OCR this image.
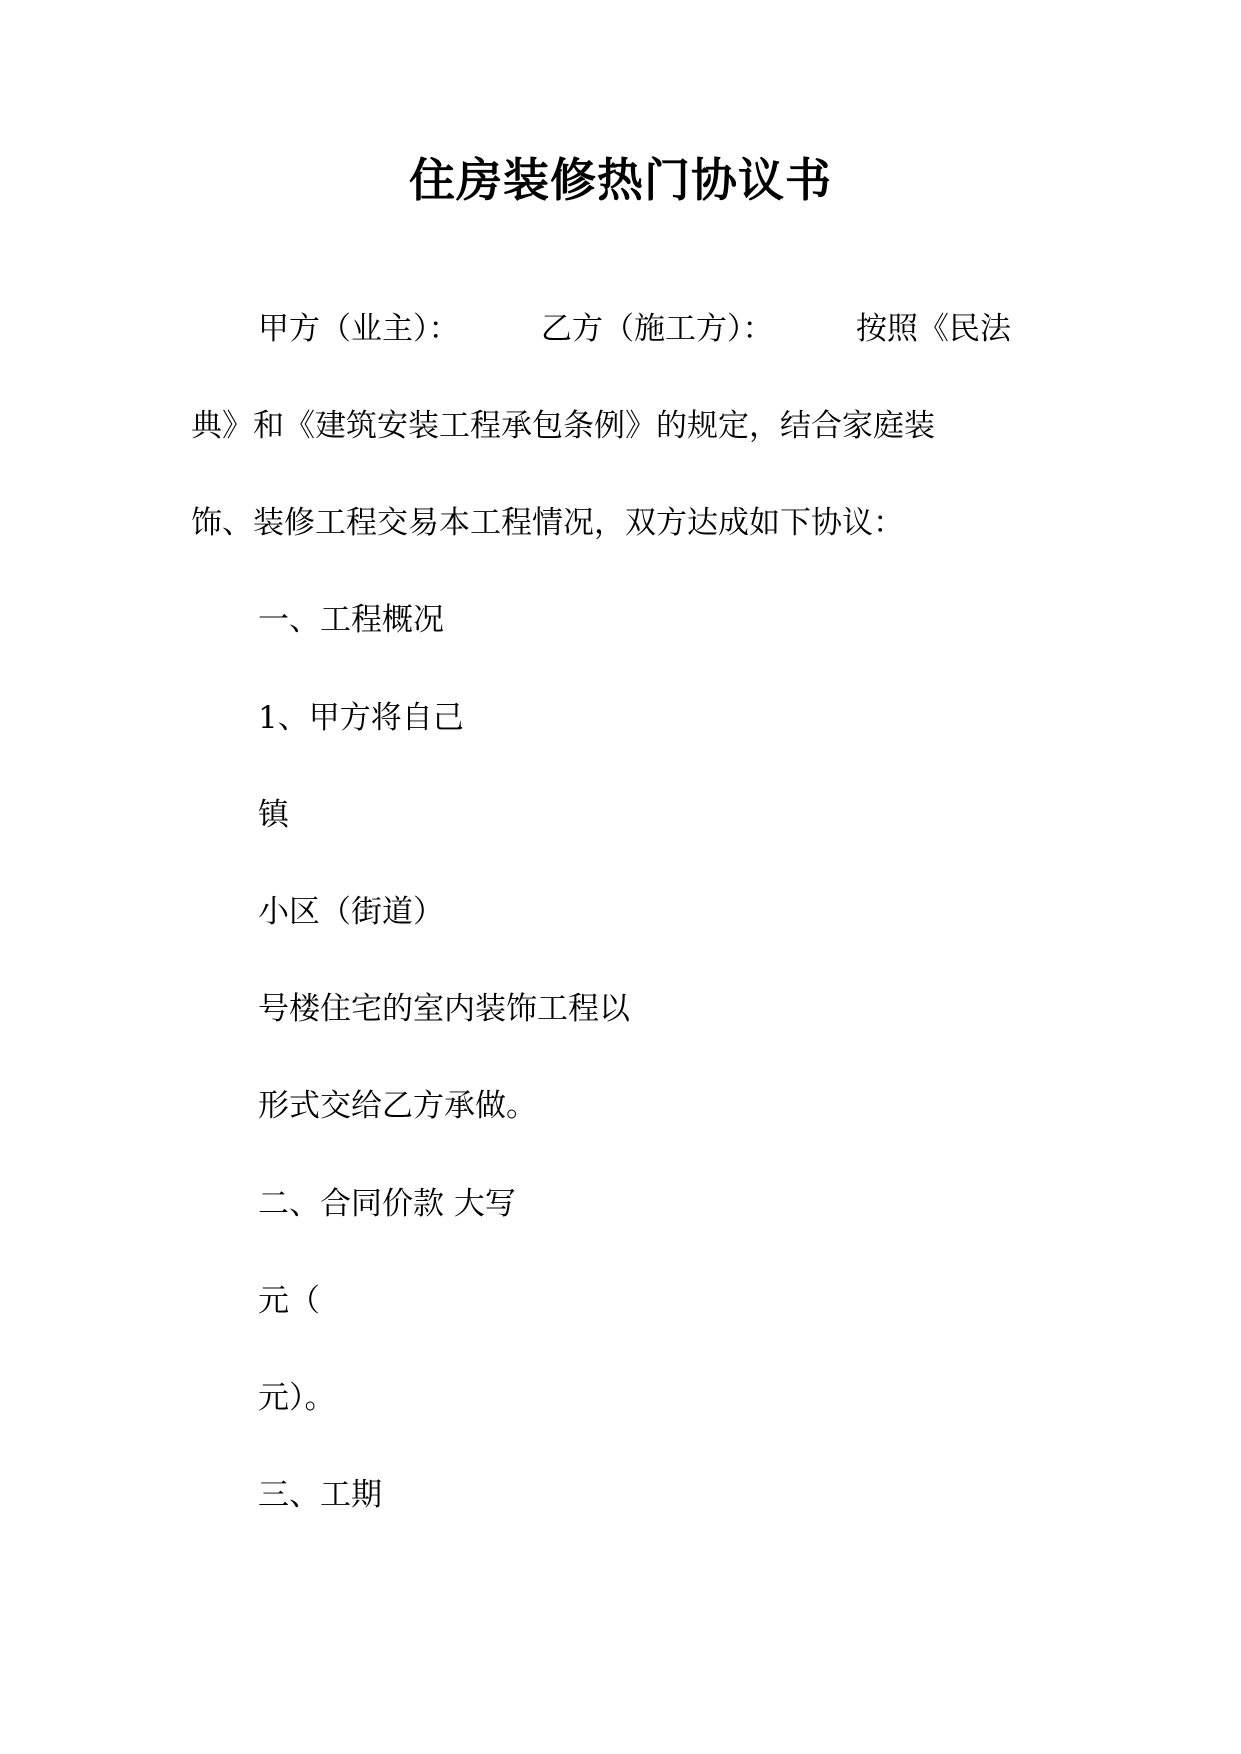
住房装修热门协议书
甲方（业主）：	乙方（施工方）：	按照《民法
典》和《建筑安装工程承包条例》的规定，结合家庭装
饰、装修工程交易本工程情况，双方达成如下协议：
一、工程概况
1、甲方将自己
镇
小区（街道）
号楼住宅的室内装饰工程以
形式交给乙方承做。
二、合同价款 大写
元（
元）。
三、工期
